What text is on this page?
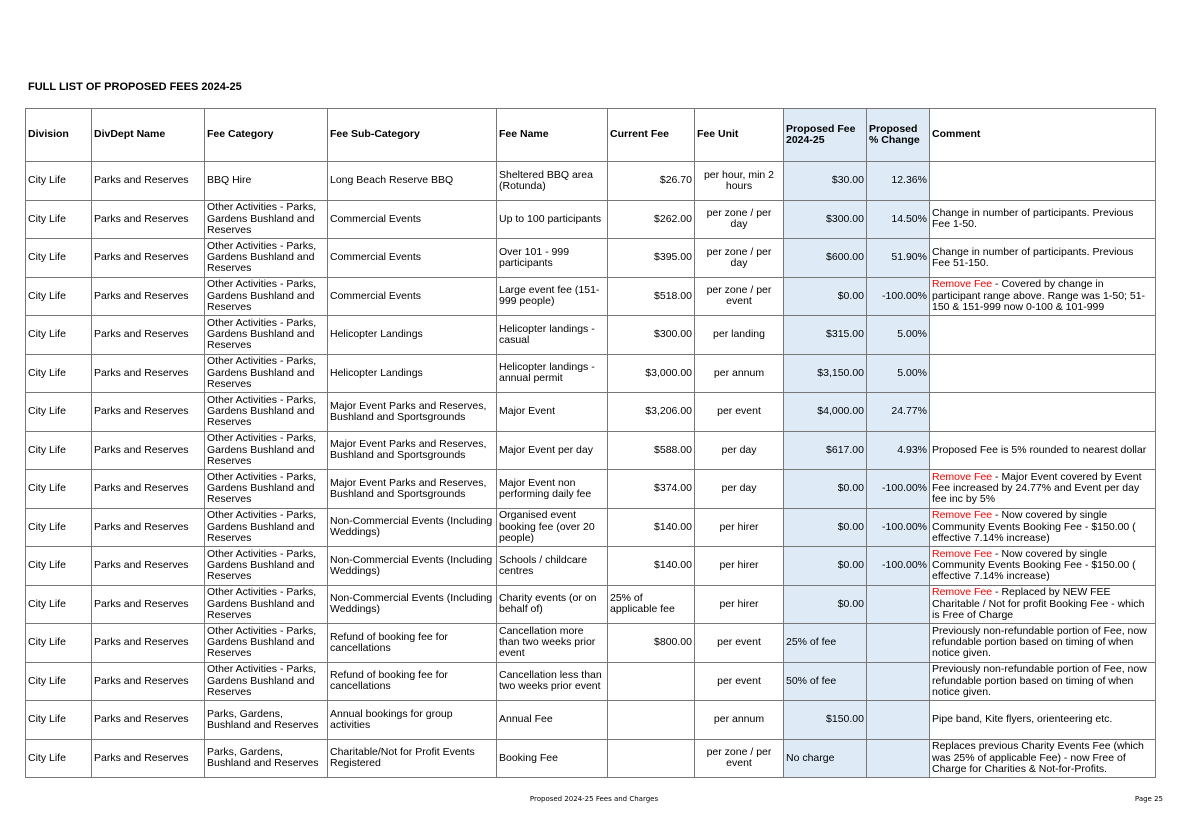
FULL LIST OF PROPOSED FEES 2024-25
Division	DivDept Name	Fee Category	Fee Sub-Category	Fee Name	Current Fee	Fee Unit	Proposed Fee 2024-25	Proposed % Change	Comment
City Life	Parks and Reserves	BBQ Hire	Long Beach Reserve BBQ	Sheltered BBQ area (Rotunda)	$26.70	per hour, min 2 hours	$30.00	12.36%	
City Life	Parks and Reserves	Other Activities - Parks, Gardens Bushland and Reserves	Commercial Events	Up to 100 participants	$262.00	per zone / per day	$300.00	14.50%	Change in number of participants. Previous Fee 1-50.
City Life	Parks and Reserves	Other Activities - Parks, Gardens Bushland and Reserves	Commercial Events	Over 101 - 999 participants	$395.00	per zone / per day	$600.00	51.90%	Change in number of participants. Previous Fee 51-150.
City Life	Parks and Reserves	Other Activities - Parks, Gardens Bushland and Reserves	Commercial Events	Large event fee (151-999 people)	$518.00	per zone / per event	$0.00	-100.00%	Remove Fee - Covered by change in participant range above. Range was 1-50; 51-150 & 151-999 now 0-100 & 101-999
City Life	Parks and Reserves	Other Activities - Parks, Gardens Bushland and Reserves	Helicopter Landings	Helicopter landings - casual	$300.00	per landing	$315.00	5.00%	
City Life	Parks and Reserves	Other Activities - Parks, Gardens Bushland and Reserves	Helicopter Landings	Helicopter landings - annual permit	$3,000.00	per annum	$3,150.00	5.00%	
City Life	Parks and Reserves	Other Activities - Parks, Gardens Bushland and Reserves	Major Event Parks and Reserves, Bushland and Sportsgrounds	Major Event	$3,206.00	per event	$4,000.00	24.77%	
City Life	Parks and Reserves	Other Activities - Parks, Gardens Bushland and Reserves	Major Event Parks and Reserves, Bushland and Sportsgrounds	Major Event per day	$588.00	per day	$617.00	4.93%	Proposed Fee is 5% rounded to nearest dollar
City Life	Parks and Reserves	Other Activities - Parks, Gardens Bushland and Reserves	Major Event Parks and Reserves, Bushland and Sportsgrounds	Major Event non performing daily fee	$374.00	per day	$0.00	-100.00%	Remove Fee - Major Event covered by Event Fee increased by 24.77% and Event per day fee inc by 5%
City Life	Parks and Reserves	Other Activities - Parks, Gardens Bushland and Reserves	Non-Commercial Events (Including Weddings)	Organised event booking fee (over 20 people)	$140.00	per hirer	$0.00	-100.00%	Remove Fee - Now covered by single Community Events Booking Fee - $150.00 ( effective 7.14% increase)
City Life	Parks and Reserves	Other Activities - Parks, Gardens Bushland and Reserves	Non-Commercial Events (Including Weddings)	Schools / childcare centres	$140.00	per hirer	$0.00	-100.00%	Remove Fee - Now covered by single Community Events Booking Fee - $150.00 ( effective 7.14% increase)
City Life	Parks and Reserves	Other Activities - Parks, Gardens Bushland and Reserves	Non-Commercial Events (Including Weddings)	Charity events (or on behalf of)	25% of applicable fee	per hirer	$0.00		Remove Fee - Replaced by NEW FEE Charitable / Not for profit Booking Fee - which is Free of Charge
City Life	Parks and Reserves	Other Activities - Parks, Gardens Bushland and Reserves	Refund of booking fee for cancellations	Cancellation more than two weeks prior event	$800.00	per event	25% of fee		Previously non-refundable portion of Fee, now refundable portion based on timing of when notice given.
City Life	Parks and Reserves	Other Activities - Parks, Gardens Bushland and Reserves	Refund of booking fee for cancellations	Cancellation less than two weeks prior event		per event	50% of fee		Previously non-refundable portion of Fee, now refundable portion based on timing of when notice given.
City Life	Parks and Reserves	Parks, Gardens, Bushland and Reserves	Annual bookings for group activities	Annual Fee		per annum	$150.00		Pipe band, Kite flyers, orienteering etc.
City Life	Parks and Reserves	Parks, Gardens, Bushland and Reserves	Charitable/Not for Profit Events Registered	Booking Fee		per zone / per event	No charge		Replaces previous Charity Events Fee (which was 25% of applicable Fee) - now Free of Charge for Charities & Not-for-Profits.
Proposed 2024-25 Fees and Charges	Page 25
